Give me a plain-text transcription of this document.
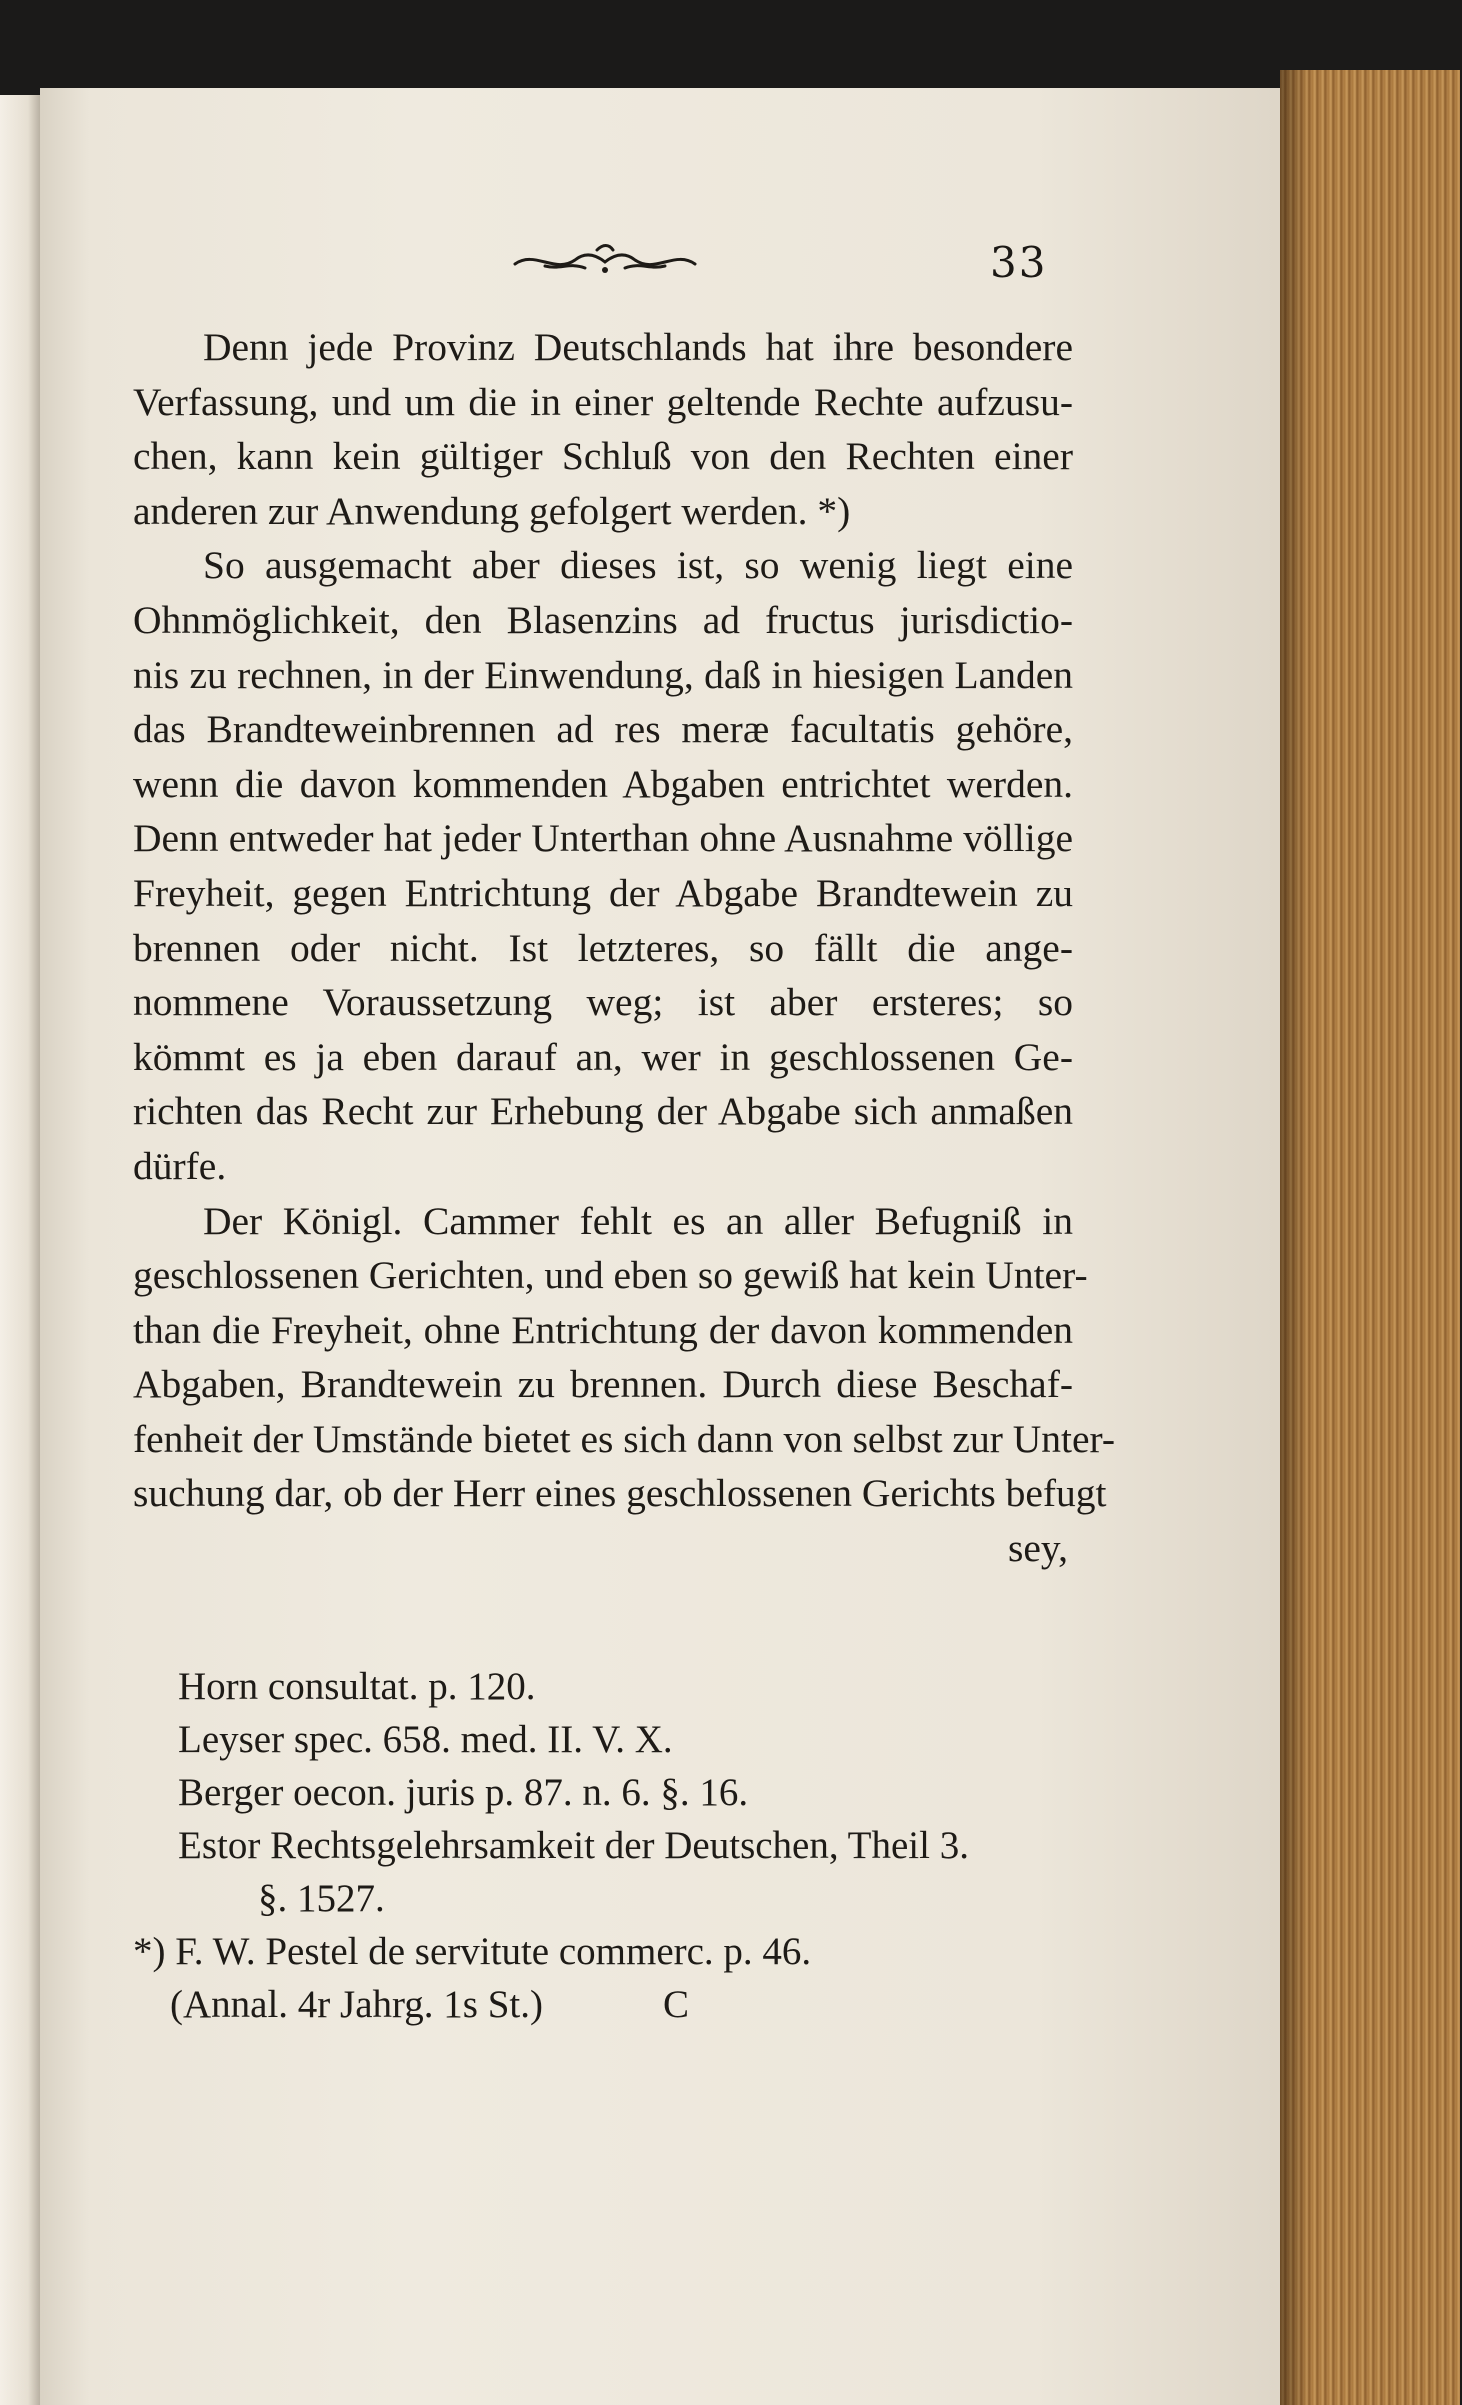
33
Denn jede Provinz Deutschlands hat ihre besondere
Verfassung, und um die in einer geltende Rechte aufzusu-
chen, kann kein gültiger Schluß von den Rechten einer
anderen zur Anwendung gefolgert werden. *)
So ausgemacht aber dieses ist, so wenig liegt eine
Ohnmöglichkeit, den Blasenzins ad fructus jurisdictio-
nis zu rechnen, in der Einwendung, daß in hiesigen Landen
das Brandteweinbrennen ad res meræ facultatis gehöre,
wenn die davon kommenden Abgaben entrichtet werden.
Denn entweder hat jeder Unterthan ohne Ausnahme völlige
Freyheit, gegen Entrichtung der Abgabe Brandtewein zu
brennen oder nicht. Ist letzteres, so fällt die ange-
nommene Voraussetzung weg; ist aber ersteres; so
kömmt es ja eben darauf an, wer in geschlossenen Ge-
richten das Recht zur Erhebung der Abgabe sich anmaßen
dürfe.
Der Königl. Cammer fehlt es an aller Befugniß in
geschlossenen Gerichten, und eben so gewiß hat kein Unter-
than die Freyheit, ohne Entrichtung der davon kommenden
Abgaben, Brandtewein zu brennen. Durch diese Beschaf-
fenheit der Umstände bietet es sich dann von selbst zur Unter-
suchung dar, ob der Herr eines geschlossenen Gerichts befugt
sey,
Horn consultat. p. 120.
Leyser spec. 658. med. II. V. X.
Berger oecon. juris p. 87. n. 6. §. 16.
Estor Rechtsgelehrsamkeit der Deutschen, Theil 3.
§. 1527.
*) F. W. Pestel de servitute commerc. p. 46.
(Annal. 4r Jahrg. 1s St.)	C
